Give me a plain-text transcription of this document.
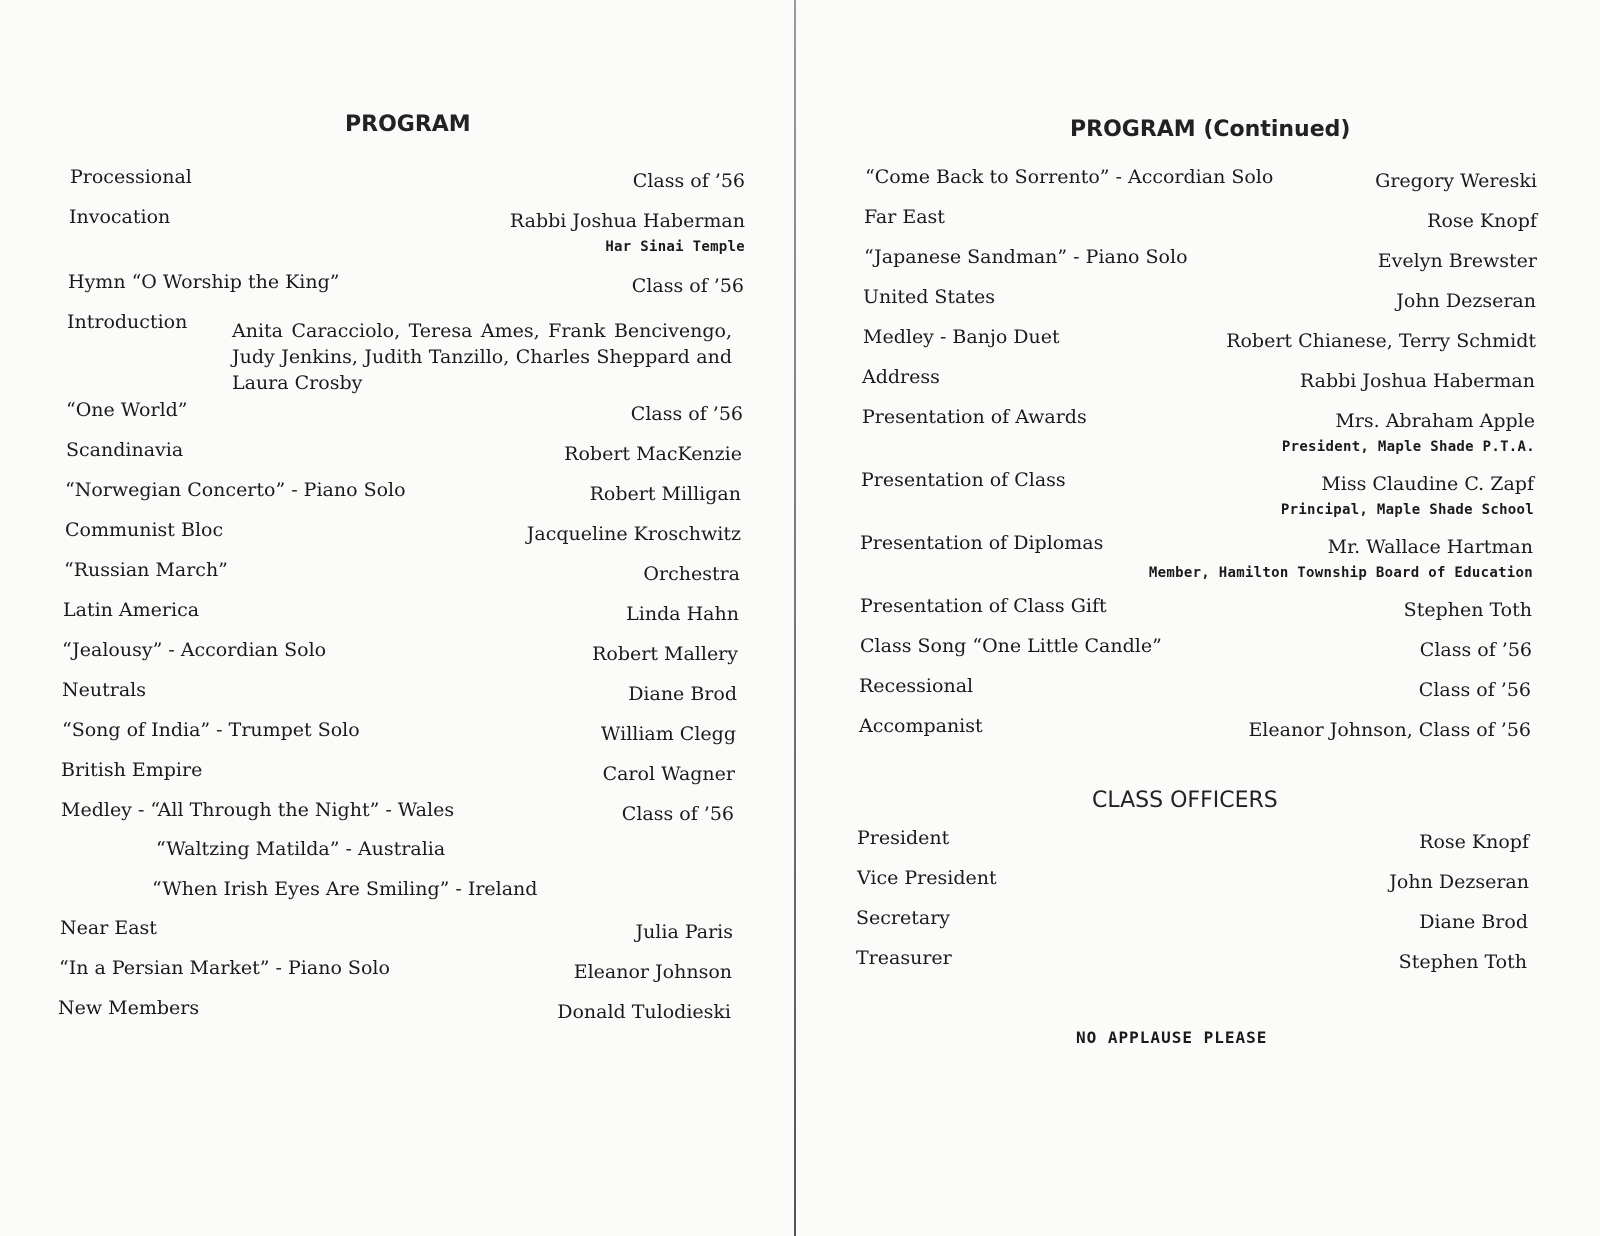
PROGRAM
Processional	Class of ’56
Invocation	Rabbi Joshua Haberman
Har Sinai Temple
Hymn “O Worship the King”	Class of ’56
Introduction Anita Caracciolo, Teresa Ames, Frank Bencivengo, Judy Jenkins, Judith Tanzillo, Charles Sheppard and Laura Crosby
“One World”	Class of ’56
Scandinavia	Robert MacKenzie
“Norwegian Concerto” - Piano Solo	Robert Milligan
Communist Bloc	Jacqueline Kroschwitz
“Russian March”	Orchestra
Latin America	Linda Hahn
“Jealousy” - Accordian Solo	Robert Mallery
Neutrals	Diane Brod
“Song of India” - Trumpet Solo	William Clegg
British Empire	Carol Wagner
Medley - “All Through the Night” - Wales	Class of ’56
“Waltzing Matilda” - Australia
“When Irish Eyes Are Smiling” - Ireland
Near East	Julia Paris
“In a Persian Market” - Piano Solo	Eleanor Johnson
New Members	Donald Tulodieski
PROGRAM (Continued)
“Come Back to Sorrento” - Accordian Solo	Gregory Wereski
Far East	Rose Knopf
“Japanese Sandman” - Piano Solo	Evelyn Brewster
United States	John Dezseran
Medley - Banjo Duet	Robert Chianese, Terry Schmidt
Address	Rabbi Joshua Haberman
Presentation of Awards	Mrs. Abraham Apple
President, Maple Shade P.T.A.
Presentation of Class	Miss Claudine C. Zapf
Principal, Maple Shade School
Presentation of Diplomas	Mr. Wallace Hartman
Member, Hamilton Township Board of Education
Presentation of Class Gift	Stephen Toth
Class Song “One Little Candle”	Class of ’56
Recessional	Class of ’56
Accompanist	Eleanor Johnson, Class of ’56
CLASS OFFICERS
President	Rose Knopf
Vice President	John Dezseran
Secretary	Diane Brod
Treasurer	Stephen Toth
NO APPLAUSE PLEASE
